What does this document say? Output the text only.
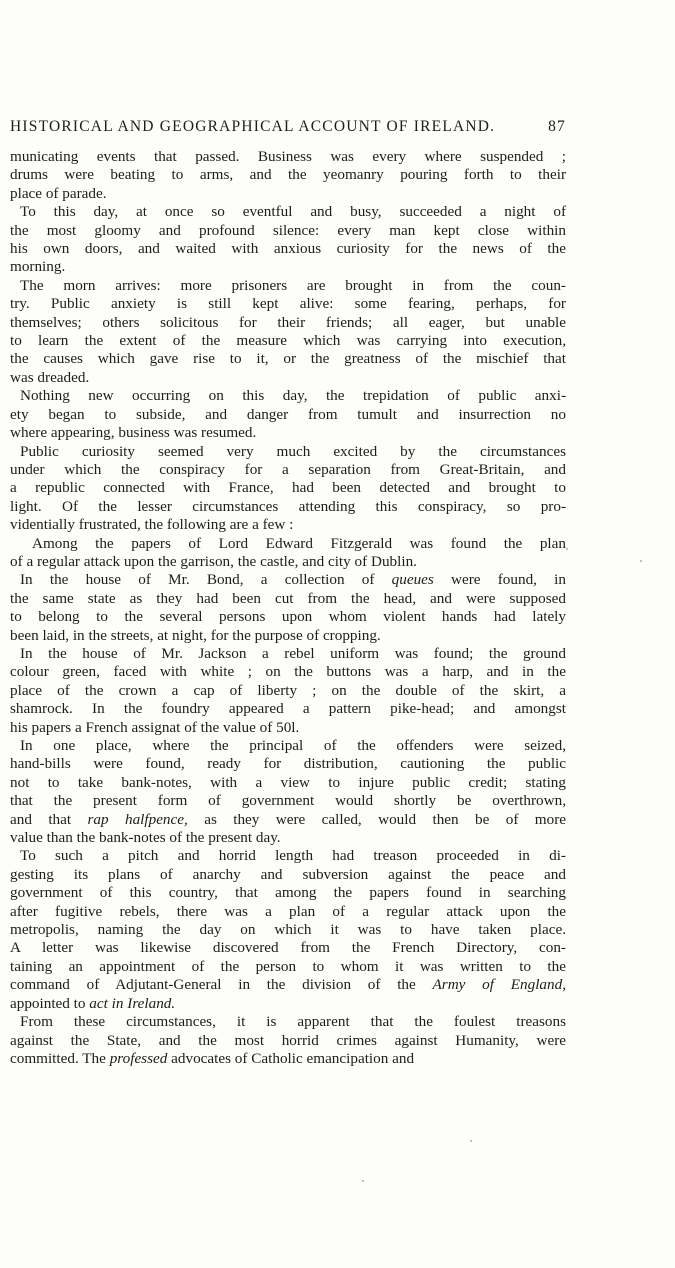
HISTORICAL AND GEOGRAPHICAL ACCOUNT OF IRELAND.	87
municating events that passed. Business was every where suspended ;
drums were beating to arms, and the yeomanry pouring forth to their
place of parade.
To this day, at once so eventful and busy, succeeded a night of
the most gloomy and profound silence: every man kept close within
his own doors, and waited with anxious curiosity for the news of the
morning.
The morn arrives: more prisoners are brought in from the coun-
try. Public anxiety is still kept alive: some fearing, perhaps, for
themselves; others solicitous for their friends; all eager, but unable
to learn the extent of the measure which was carrying into execution,
the causes which gave rise to it, or the greatness of the mischief that
was dreaded.
Nothing new occurring on this day, the trepidation of public anxi-
ety began to subside, and danger from tumult and insurrection no
where appearing, business was resumed.
Public curiosity seemed very much excited by the circumstances
under which the conspiracy for a separation from Great-Britain, and
a republic connected with France, had been detected and brought to
light. Of the lesser circumstances attending this conspiracy, so pro-
videntially frustrated, the following are a few :
Among the papers of Lord Edward Fitzgerald was found the plan
of a regular attack upon the garrison, the castle, and city of Dublin.
In the house of Mr. Bond, a collection of queues were found, in
the same state as they had been cut from the head, and were supposed
to belong to the several persons upon whom violent hands had lately
been laid, in the streets, at night, for the purpose of cropping.
In the house of Mr. Jackson a rebel uniform was found; the ground
colour green, faced with white ; on the buttons was a harp, and in the
place of the crown a cap of liberty ; on the double of the skirt, a
shamrock. In the foundry appeared a pattern pike-head; and amongst
his papers a French assignat of the value of 50l.
In one place, where the principal of the offenders were seized,
hand-bills were found, ready for distribution, cautioning the public
not to take bank-notes, with a view to injure public credit; stating
that the present form of government would shortly be overthrown,
and that rap halfpence, as they were called, would then be of more
value than the bank-notes of the present day.
To such a pitch and horrid length had treason proceeded in di-
gesting its plans of anarchy and subversion against the peace and
government of this country, that among the papers found in searching
after fugitive rebels, there was a plan of a regular attack upon the
metropolis, naming the day on which it was to have taken place.
A letter was likewise discovered from the French Directory, con-
taining an appointment of the person to whom it was written to the
command of Adjutant-General in the division of the Army of England,
appointed to act in Ireland.
From these circumstances, it is apparent that the foulest treasons
against the State, and the most horrid crimes against Humanity, were
committed. The professed advocates of Catholic emancipation and
